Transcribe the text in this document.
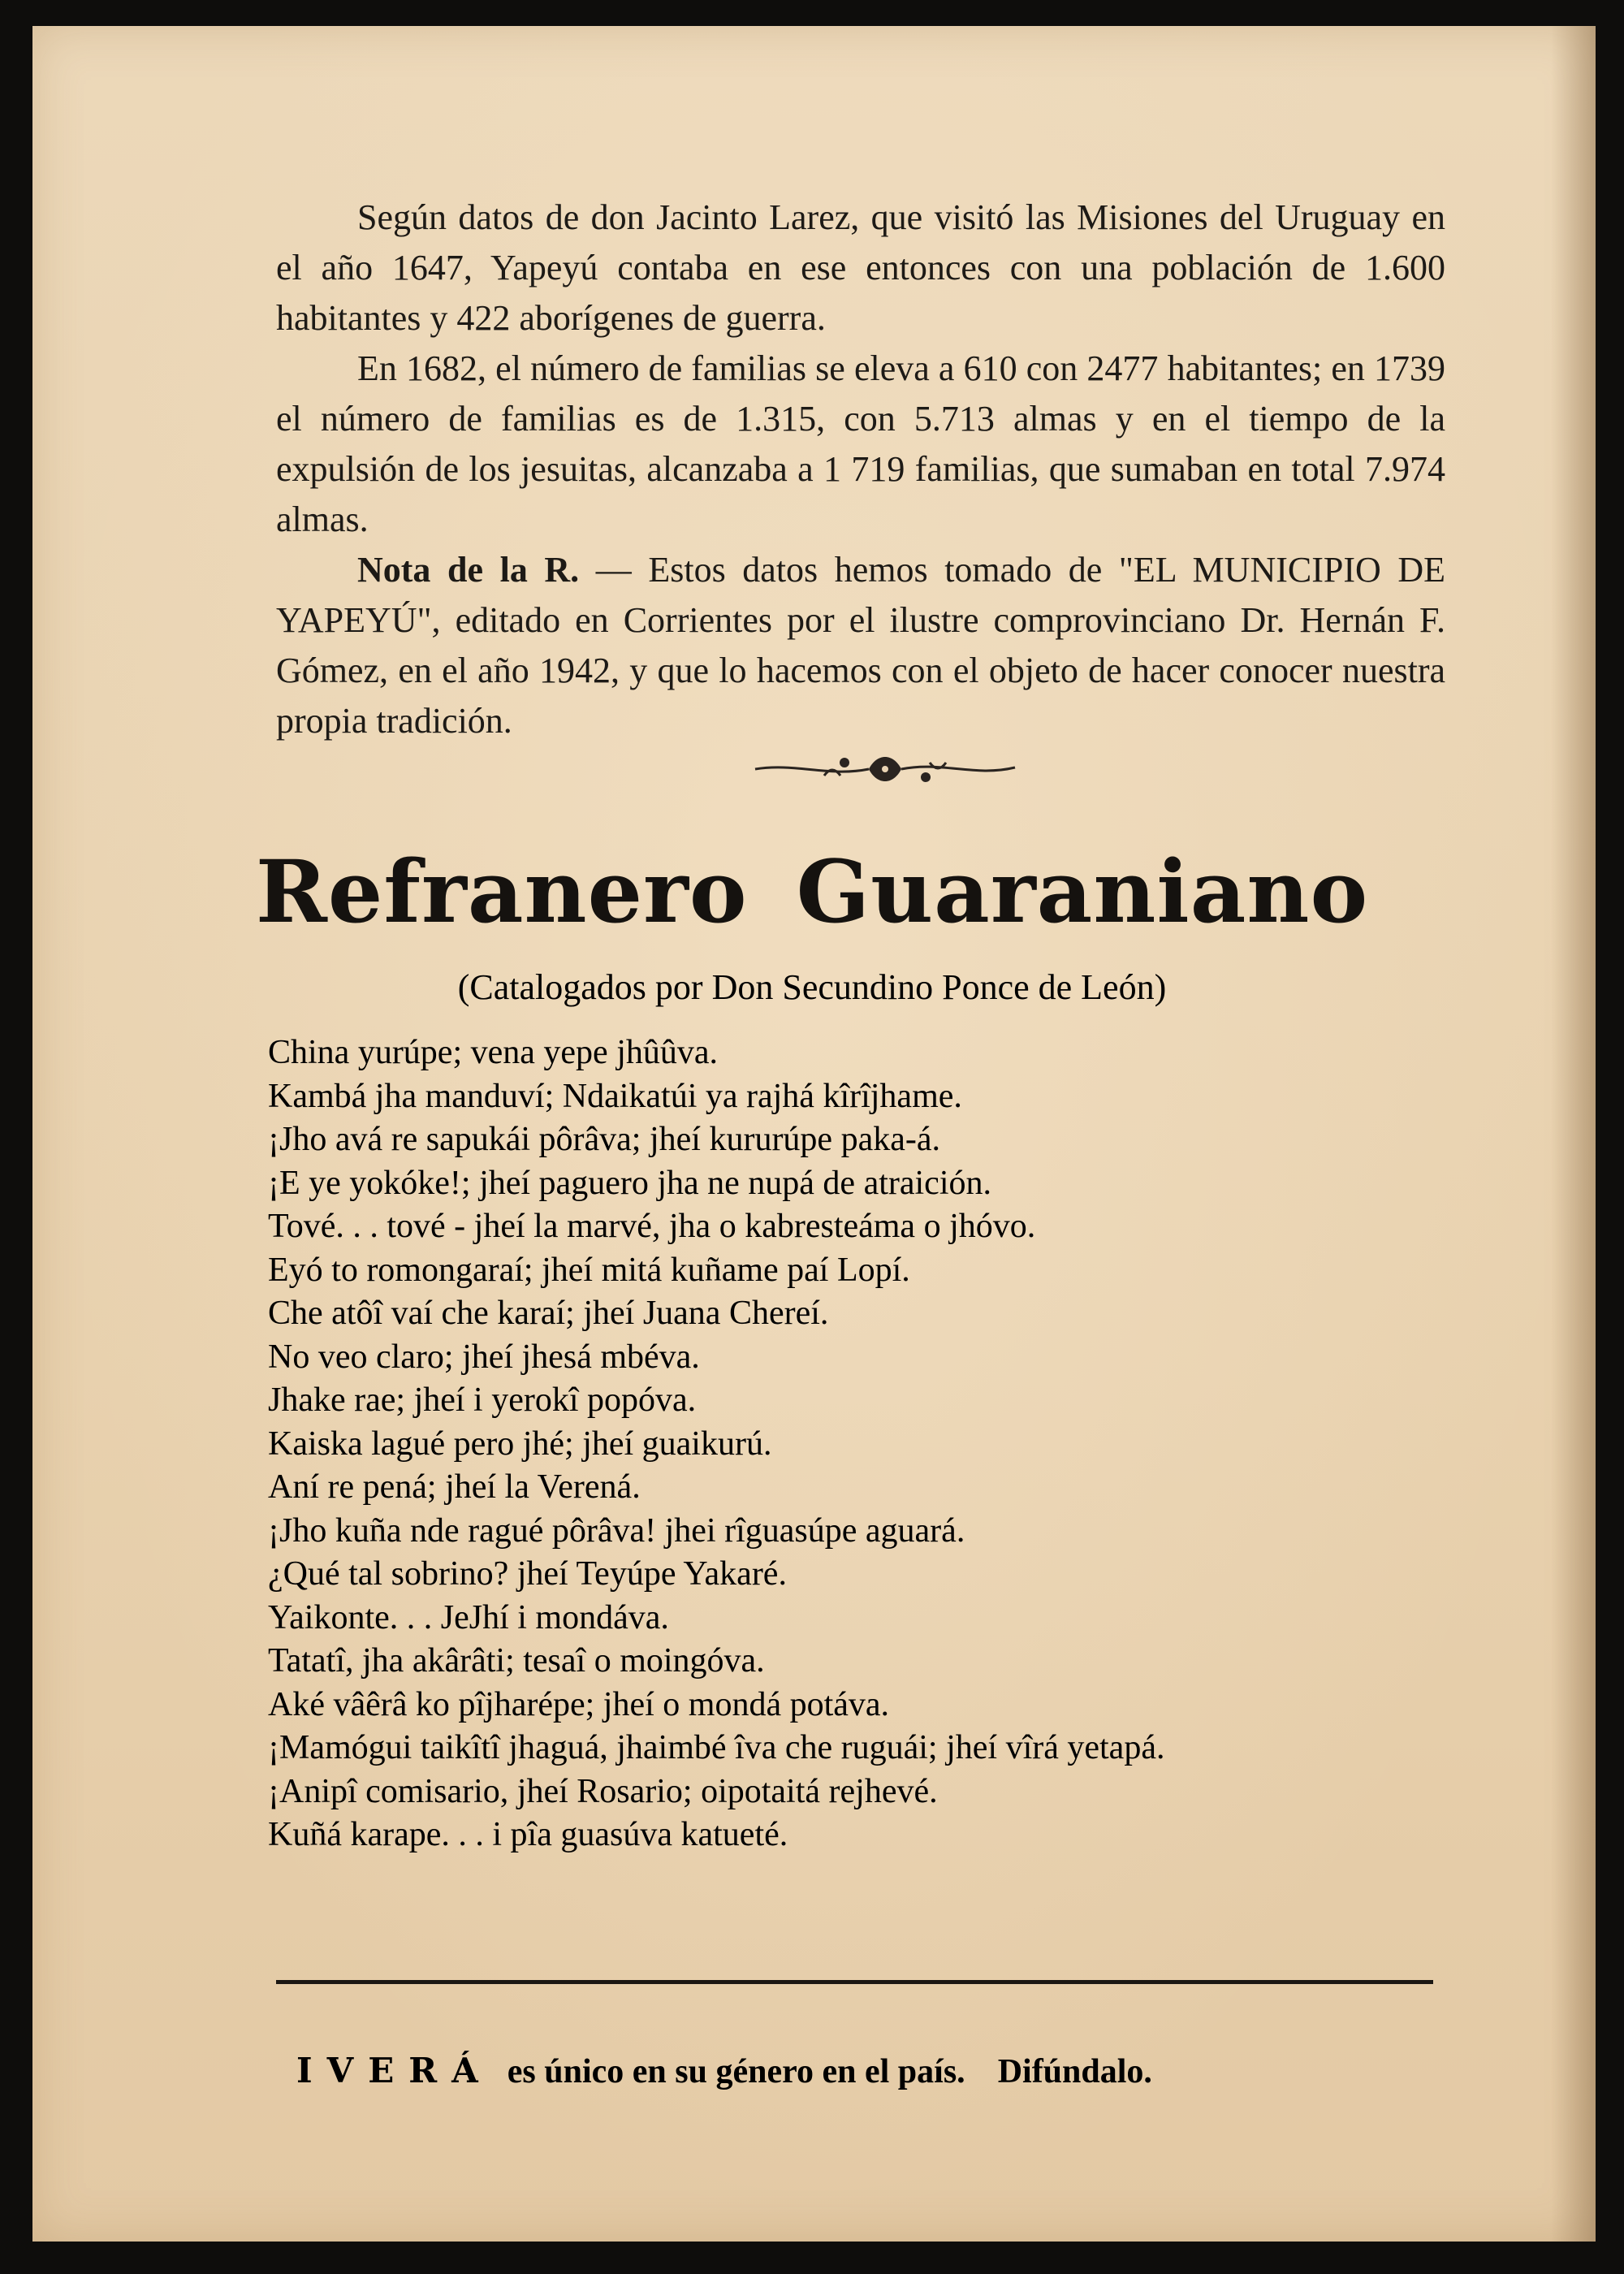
Según datos de don Jacinto Larez, que visitó las Misiones del Uruguay en el año 1647, Yapeyú contaba en ese entonces con una población de 1.600 habitantes y 422 aborígenes de guerra.

En 1682, el número de familias se eleva a 610 con 2477 habitantes; en 1739 el número de familias es de 1.315, con 5.713 almas y en el tiempo de la expulsión de los jesuitas, alcanzaba a 1 719 familias, que sumaban en total 7.974 almas.

Nota de la R. — Estos datos hemos tomado de "EL MUNICIPIO DE YAPEYÚ", editado en Corrientes por el ilustre comprovinciano Dr. Hernán F. Gómez, en el año 1942, y que lo hacemos con el objeto de hacer conocer nuestra propia tradición.

Refranero Guaraniano
(Catalogados por Don Secundino Ponce de León)
China yurúpe; vena yepe jhûûva.
Kambá jha manduví; Ndaikatúi ya rajhá kîrîjhame.
¡Jho avá re sapukái pôrâva; jheí kururúpe paka-á.
¡E ye yokóke!; jheí paguero jha ne nupá de atraición.
Tové. . . tové - jheí la marvé, jha o kabresteáma o jhóvo.
Eyó to romongaraí; jheí mitá kuñame paí Lopí.
Che atôî vaí che karaí; jheí Juana Chereí.
No veo claro; jheí jhesá mbéva.
Jhake rae; jheí i yerokî popóva.
Kaiska lagué pero jhé; jheí guaikurú.
Aní re pená; jheí la Verená.
¡Jho kuña nde ragué pôrâva! jhei rîguasúpe aguará.
¿Qué tal sobrino? jheí Teyúpe Yakaré.
Yaikonte. . . JeJhí i mondáva.
Tatatî, jha akârâti; tesaî o moingóva.
Aké vâêrâ ko pîjharépe; jheí o mondá potáva.
¡Mamógui taikîtî jhaguá, jhaimbé îva che ruguái; jheí vîrá yetapá.
¡Anipî comisario, jheí Rosario; oipotaitá rejhevé.
Kuñá karape. . . i pîa guasúva katueté.
IVERÁ es único en su género en el país. Difúndalo.
